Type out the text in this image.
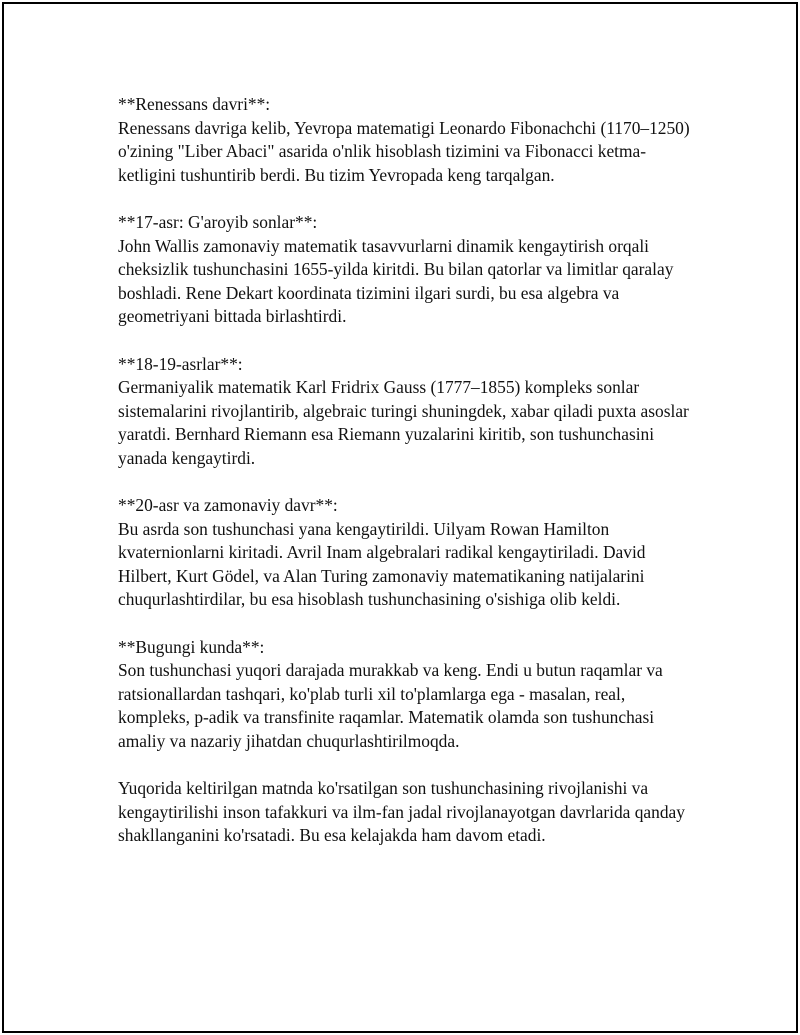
**Renessans davri**:
Renessans davriga kelib, Yevropa matematigi Leonardo Fibonachchi (1170–1250) o'zining "Liber Abaci" asarida o'nlik hisoblash tizimini va Fibonacci ketma-ketligini tushuntirib berdi. Bu tizim Yevropada keng tarqalgan.
**17-asr: G'aroyib sonlar**:
John Wallis zamonaviy matematik tasavvurlarni dinamik kengaytirish orqali cheksizlik tushunchasini 1655-yilda kiritdi. Bu bilan qatorlar va limitlar qaralay boshladi. Rene Dekart koordinata tizimini ilgari surdi, bu esa algebra va geometriyani bittada birlashtirdi.
**18-19-asrlar**:
Germaniyalik matematik Karl Fridrix Gauss (1777–1855) kompleks sonlar sistemalarini rivojlantirib, algebraic turingi shuningdek, xabar qiladi puxta asoslar yaratdi. Bernhard Riemann esa Riemann yuzalarini kiritib, son tushunchasini yanada kengaytirdi.
**20-asr va zamonaviy davr**:
Bu asrda son tushunchasi yana kengaytirildi. Uilyam Rowan Hamilton kvaternionlarni kiritadi. Avril Inam algebralari radikal kengaytiriladi. David Hilbert, Kurt Gödel, va Alan Turing zamonaviy matematikaning natijalarini chuqurlashtirdilar, bu esa hisoblash tushunchasining o'sishiga olib keldi.
**Bugungi kunda**:
Son tushunchasi yuqori darajada murakkab va keng. Endi u butun raqamlar va ratsionallardan tashqari, ko'plab turli xil to'plamlarga ega - masalan, real, kompleks, p-adik va transfinite raqamlar. Matematik olamda son tushunchasi amaliy va nazariy jihatdan chuqurlashtirilmoqda.
Yuqorida keltirilgan matnda ko'rsatilgan son tushunchasining rivojlanishi va kengaytirilishi inson tafakkuri va ilm-fan jadal rivojlanayotgan davrlarida qanday shakllanganini ko'rsatadi. Bu esa kelajakda ham davom etadi.
